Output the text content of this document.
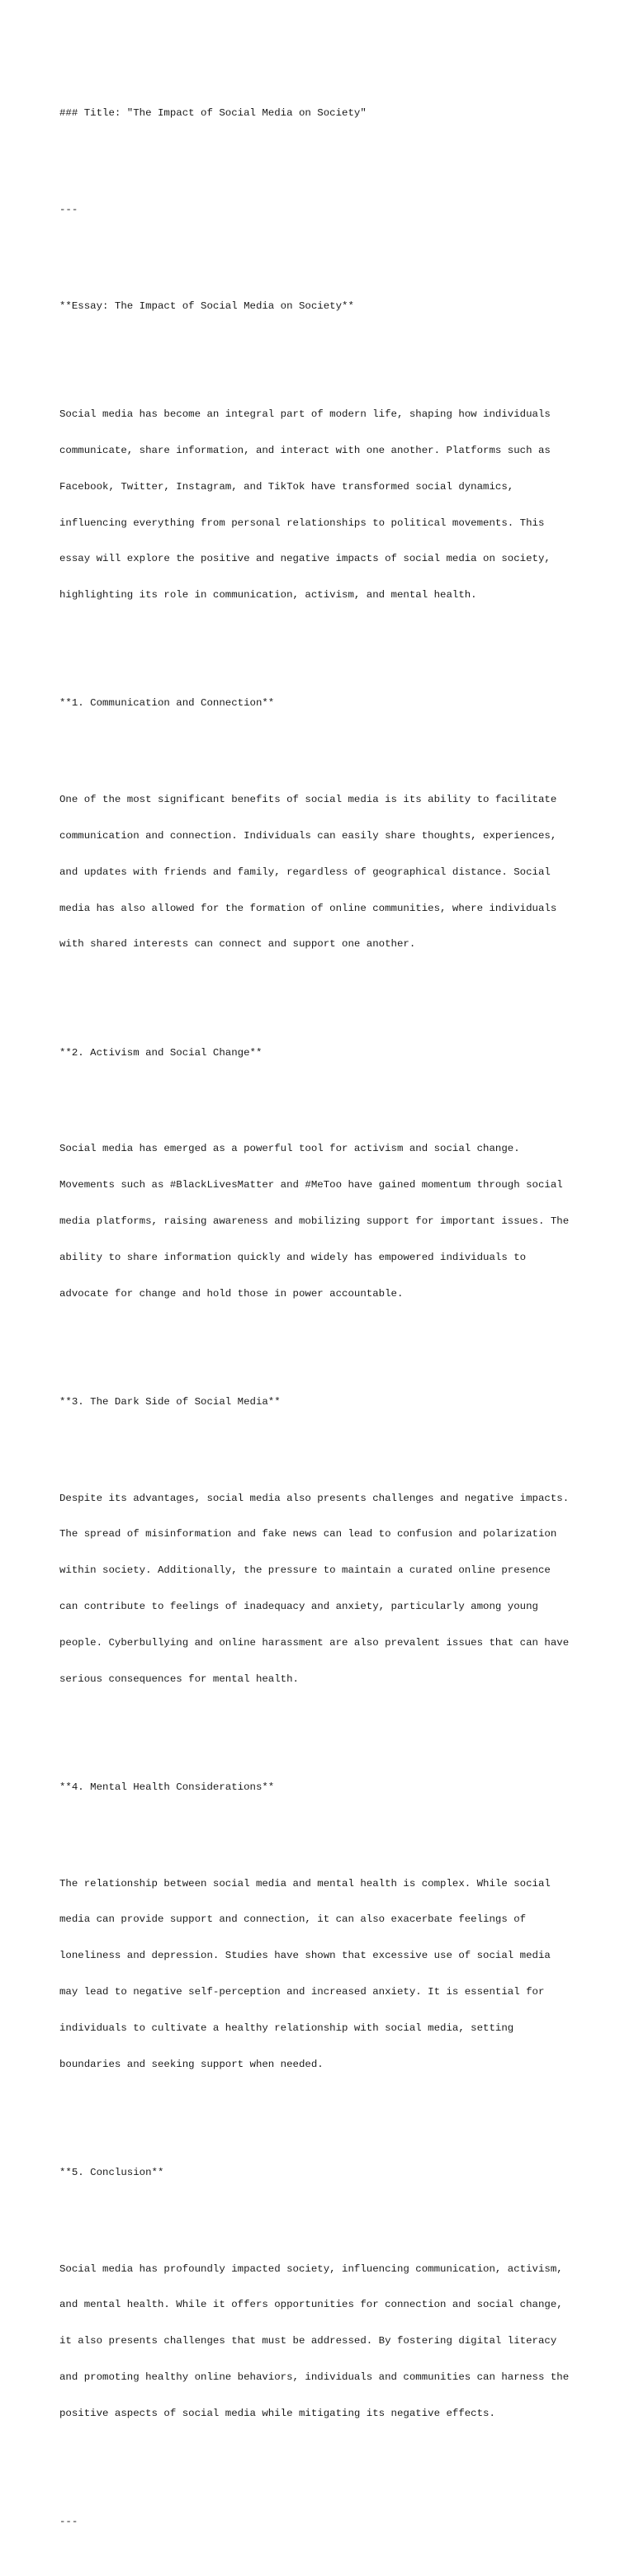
### Title: "The Impact of Social Media on Society"

---

**Essay: The Impact of Social Media on Society**

Social media has become an integral part of modern life, shaping how individuals

communicate, share information, and interact with one another. Platforms such as

Facebook, Twitter, Instagram, and TikTok have transformed social dynamics,

influencing everything from personal relationships to political movements. This

essay will explore the positive and negative impacts of social media on society,

highlighting its role in communication, activism, and mental health.

**1. Communication and Connection**

One of the most significant benefits of social media is its ability to facilitate

communication and connection. Individuals can easily share thoughts, experiences,

and updates with friends and family, regardless of geographical distance. Social

media has also allowed for the formation of online communities, where individuals

with shared interests can connect and support one another.

**2. Activism and Social Change**

Social media has emerged as a powerful tool for activism and social change.

Movements such as #BlackLivesMatter and #MeToo have gained momentum through social

media platforms, raising awareness and mobilizing support for important issues. The

ability to share information quickly and widely has empowered individuals to

advocate for change and hold those in power accountable.

**3. The Dark Side of Social Media**

Despite its advantages, social media also presents challenges and negative impacts.

The spread of misinformation and fake news can lead to confusion and polarization

within society. Additionally, the pressure to maintain a curated online presence

can contribute to feelings of inadequacy and anxiety, particularly among young

people. Cyberbullying and online harassment are also prevalent issues that can have

serious consequences for mental health.

**4. Mental Health Considerations**

The relationship between social media and mental health is complex. While social

media can provide support and connection, it can also exacerbate feelings of

loneliness and depression. Studies have shown that excessive use of social media

may lead to negative self-perception and increased anxiety. It is essential for

individuals to cultivate a healthy relationship with social media, setting

boundaries and seeking support when needed.

**5. Conclusion**

Social media has profoundly impacted society, influencing communication, activism,

and mental health. While it offers opportunities for connection and social change,

it also presents challenges that must be addressed. By fostering digital literacy

and promoting healthy online behaviors, individuals and communities can harness the

positive aspects of social media while mitigating its negative effects.

---
